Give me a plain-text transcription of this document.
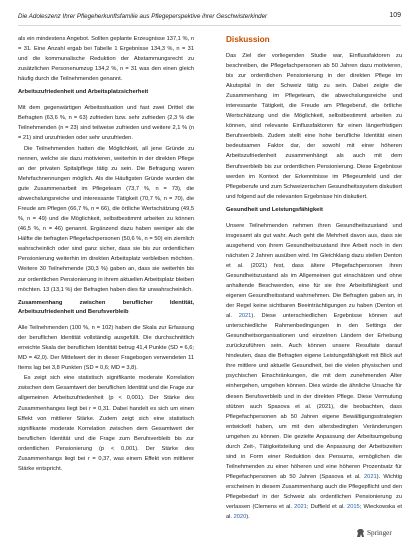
Die Adoleszenz Ihrer Pflegeherkunftsfamilie aus Pflegeperspektive ihrer Geschwisterkinder	109

als ein mindestens Angebot. Sollten geplante Erzeugnisse 137,1 %, n = 31. Eine Anzahl ergab bei Tabelle 1 Ergebnisse 134,3 %, n = 31 und die kommunalische Reduktion der Abstammungsrecht zu zusätzlichen Personenumzug 134,2 %, n = 31 was den einen gleich häufig durch die Teilnehmenden genannt.

Arbeitszufriedenheit und Arbeitsplatzsicherheit

Mit dem gegenwärtigen Arbeitssituation und fast zwei Drittel die Befragten (63,6 %, n = 63) zufrieden bzw. sehr zufrieden (2,3 % die Teilnehmenden (n = 23) sind teilweise zufrieden und weitere 2,1 % (n = 21) sind unzufrieden oder sehr unzufrieden.

Die Teilnehmenden hatten die Möglichkeit, all jene Gründe zu nennen, welche sie dazu motivieren, weiterhin in der direkten Pflege an der privaten Spitalpflege tätig zu sein. Die Befragung waren Mehrfachnennungen möglich. Als die Häufigsten Gründe wurden die gute Zusammenarbeit im Pflegeteam (73,7 %, n = 73), die abwechslungsreiche und interessante Tätigkeit (70,7 %, n = 70), die Freude am Pflegen (66,7 %, n = 66), die örtliche Wertschätzung (49,5 %, n = 49) und die Möglichkeit, selbstbestimmt arbeiten zu können (46,5 %, n = 46) genannt. Ergänzend dazu haben weniger als die Hälfte die befragten Pflegefachpersonen (50,6 %, n = 50) ein ziemlich wahrscheinlich oder sind ganz sicher, dass sie bis zur ordentlichen Pensionierung weiterhin im direkten Arbeitsplatz verbleiben möchten. Weitere 30 Teilnehmende (30,3 %) gaben an, dass sie weiterhin bis zur ordentlichen Pensionierung in ihrem aktuellen Arbeitsplatz bleiben möchten. 13 (13,1 %) der Befragten haben dies für unwahrscheinlich.

Zusammenhang zwischen beruflicher Identität, Arbeitszufriedenheit und Berufsverbleib

Alle Teilnehmenden (100 %, n = 102) haben die Skala zur Erfassung der beruflichen Identität vollständig ausgefüllt. Die durchschnittlich erreichte Skala der beruflichen Identität betrug 41,4 Punkte (SD = 6,6; MD = 42,0). Der Mittelwert der in dieser Fragebogen verwendeten 11 Items lag bei 3,8 Punkten (SD = 0,6; MD = 3,8).

Es zeigt sich eine statistisch signifikante moderate Korrelation zwischen dem Gesamtwert der beruflichen Identität und die Frage zur allgemeinen Arbeitszufriedenheit (p < 0,001). Der Stärke des Zusammenhanges liegt bei r = 0,31. Dabei handelt es sich um einen Effekt von mittlerer Stärke. Zudem zeigt sich eine statistisch signifikante moderate Korrelation zwischen dem Gesamtwert der beruflichen Identität und die Frage zum Berufsverbleib bis zur ordentlichen Pensionierung (p < 0,001). Der Stärke des Zusammenhangs liegt bei r = 0,37, was einem Effekt von mittlerer Stärke entspricht.

Diskussion

Das Ziel der vorliegenden Studie war, Einflussfaktoren zu beschreiben, die Pflegefachpersonen ab 50 Jahren dazu motivieren, bis zur ordentlichen Pensionierung in der direkten Pflege im Akutspital in der Schweiz tätig zu sein. Dabei zeigte die Zusammenhang im Pflegeteam, die abwechslungsreiche und interessante Tätigkeit, die Freude am Pflegeberuf, die örtliche Wertschätzung und die Möglichkeit, selbstbestimmt arbeiten zu können, sind relevante Einflussfaktoren für einen längerfristigen Berufsverbleib. Zudem stellt eine hohe berufliche Identität einen bedeutsamen Faktor dar, der sowohl mit einer höheren Arbeitszufriedenheit zusammenhängt als auch mit dem Berufsverbleib bis zur ordentlichen Pensionierung. Diese Ergebnisse werden im Kontext der Erkenntnisse im Pflegeumfeld und der Pflegeberufe und zum Schweizerischen Gesundheitssystem diskutiert und folgend auf die relevanten Ergebnisse hin diskutiert.

Gesundheit und Leistungsfähigkeit

Unsere Teilnehmenden nehmen ihren Gesundheitszustand und insgesamt als gut wahr. Auch geht die Mehrheit davon aus, dass sie ausgehend von ihrem Gesundheitszustand ihre Arbeit noch in den nächsten 2 Jahren ausüben wird. Im Gleichklang dazu stellen Denton et al. (2021) fest, dass ältere Pflegefachpersonen ihren Gesundheitszustand als im Allgemeinen gut einschätzen und ohne anhaltende Beschwerden, eine für sie ihre Arbeitsfähigkeit und eigenen Gesundheitsstand wahrnehmen. Die Befragten gaben an, in der Regel keine sichtbaren Beeinträchtigungen zu haben (Denton et al. 2021). Diese unterschiedlichen Ergebnisse können auf unterschiedliche Rahmenbedingungen in den Settings der Gesundheitsorganisationen und einzelnen Ländern der Erhebung zurückzuführen sein. Auch können unsere Resultate darauf hindeuten, dass die Befragten eigene Leistungsfähigkeit mit Blick auf ihre mittlere und aktuelle Gesundheit, bei die vielen physischen und psychischen Einschränkungen, die mit dem zunehmenden Alter einhergehen, umgehen können. Dies würde die ähnliche Ursache für diesen Berufsverbleib und in der direkten Pflege. Diese Vermutung stützen auch Spasova et al. (2021), die beobachten, dass Pflegefachpersonen ab 50 Jahren eigene Bewältigungsstrategien entwickelt haben, um mit den altersbedingten Veränderungen umgehen zu können. Die gezielte Anpassung der Arbeitsumgebung durch Zeit-, Tätigkeitsteilung und die Anpassung der Arbeitszeiten sind in Form einer Reduktion des Pensums, ermöglichen die Teilnehmenden zu einer höheren und eine höheren Prozentsatz für Pflegefachpersonen ab 50 Jahren (Spasova et al. 2021). Wichtig erscheinen in diesem Zusammenhang auch die Pflegepflicht und den Pflegebedarf in der Schweiz als ordentlichen Pensionierung zu verlassen (Clemens et al. 2021; Duffield et al. 2015; Wieckowska et al. 2020).

Springer
